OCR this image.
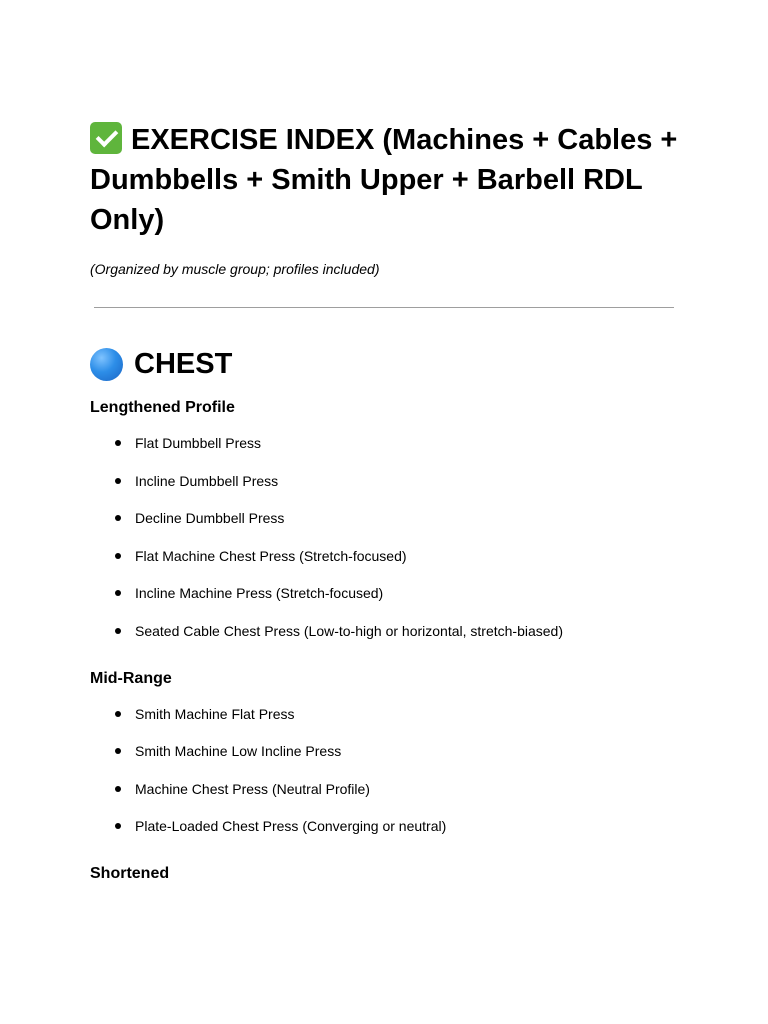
EXERCISE INDEX (Machines + Cables + Dumbbells + Smith Upper + Barbell RDL Only)
(Organized by muscle group; profiles included)
CHEST
Lengthened Profile
Flat Dumbbell Press
Incline Dumbbell Press
Decline Dumbbell Press
Flat Machine Chest Press (Stretch-focused)
Incline Machine Press (Stretch-focused)
Seated Cable Chest Press (Low-to-high or horizontal, stretch-biased)
Mid-Range
Smith Machine Flat Press
Smith Machine Low Incline Press
Machine Chest Press (Neutral Profile)
Plate-Loaded Chest Press (Converging or neutral)
Shortened
